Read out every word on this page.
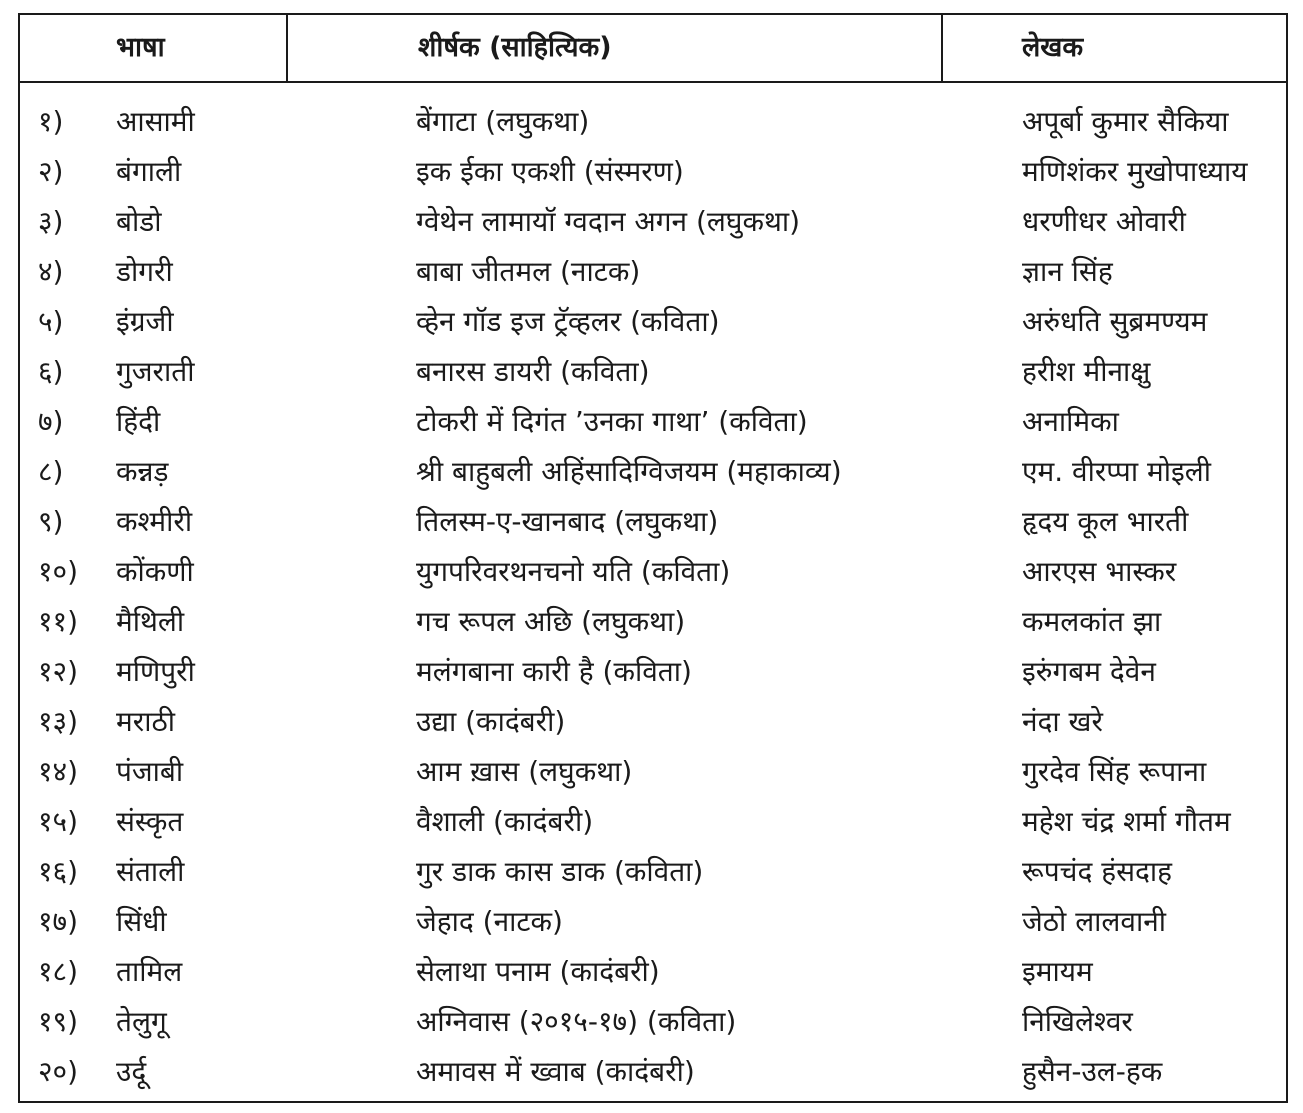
भाषा	शीर्षक (साहित्यिक)	लेखक
१) आसामी	बेंगाटा (लघुकथा)	अपूर्बा कुमार सैकिया
२) बंगाली	इक ईका एकशी (संस्मरण)	मणिशंकर मुखोपाध्याय
३) बोडो	ग्वेथेन लामायॉ ग्वदान अगन (लघुकथा)	धरणीधर ओवारी
४) डोगरी	बाबा जीतमल (नाटक)	ज्ञान सिंह
५) इंग्रजी	व्हेन गॉड इज ट्रॅव्हलर (कविता)	अरुंधति सुब्रमण्यम
६) गुजराती	बनारस डायरी (कविता)	हरीश मीनाक्षु
७) हिंदी	टोकरी में दिगंत ’उनका गाथा’ (कविता)	अनामिका
८) कन्नड़	श्री बाहुबली अहिंसादिग्विजयम (महाकाव्य)	एम. वीरप्पा मोइली
९) कश्मीरी	तिलस्म-ए-खानबाद (लघुकथा)	हृदय कूल भारती
१०) कोंकणी	युगपरिवरथनचनो यति (कविता)	आरएस भास्कर
११) मैथिली	गच रूपल अछि (लघुकथा)	कमलकांत झा
१२) मणिपुरी	मलंगबाना कारी है (कविता)	इरुंगबम देवेन
१३) मराठी	उद्या (कादंबरी)	नंदा खरे
१४) पंजाबी	आम ख़ास (लघुकथा)	गुरदेव सिंह रूपाना
१५) संस्कृत	वैशाली (कादंबरी)	महेश चंद्र शर्मा गौतम
१६) संताली	गुर डाक कास डाक (कविता)	रूपचंद हंसदाह
१७) सिंधी	जेहाद (नाटक)	जेठो लालवानी
१८) तामिल	सेलाथा पनाम (कादंबरी)	इमायम
१९) तेलुगू	अग्निवास (२०१५-१७) (कविता)	निखिलेश्वर
२०) उर्दू	अमावस में ख्वाब (कादंबरी)	हुसैन-उल-हक
